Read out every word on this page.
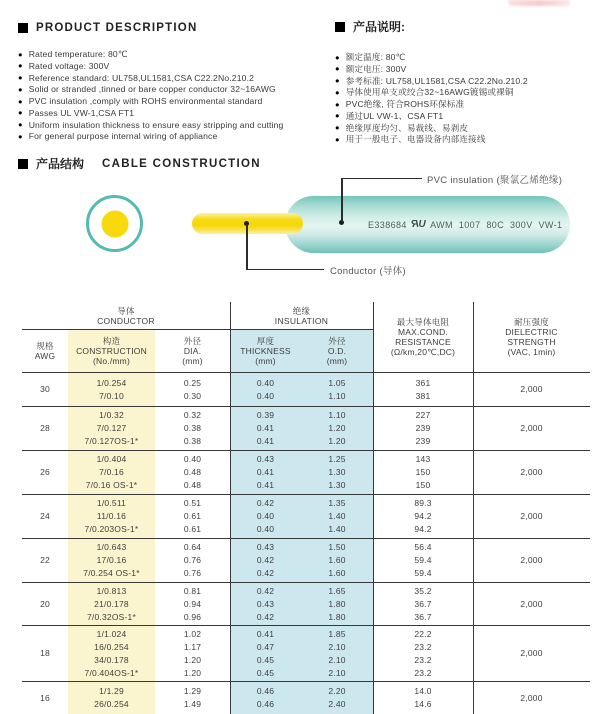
PRODUCT DESCRIPTION
● Rated temperature: 80℃
● Rated voltage: 300V
● Reference standard: UL758,UL1581,CSA C22.2No.210.2
● Solid or stranded ,tinned or bare copper conductor 32~16AWG
● PVC insulation ,comply with ROHS environmental standard
● Passes UL VW-1,CSA FT1
● Uniform insulation thickness to ensure easy stripping and cutting
● For general purpose internal wiring of appliance
产品说明:
● 额定温度: 80℃
● 额定电压: 300V
● 参考标准: UL758,UL1581,CSA C22.2No.210.2
● 导体使用单支或绞合32~16AWG镀锡或裸铜
● PVC绝缘, 符合ROHS环保标准
● 通过UL VW-1、CSA FT1
● 绝缘厚度均匀、易裁线、易剥皮
● 用于一般电子、电器设备内部连接线
产品结构 CABLE CONSTRUCTION
E338684 R U AWM 1007 80C 300V VW-1
PVC insulation (聚氯乙烯绝缘)
Conductor (导体)
导体
CONDUCTOR
规格
AWG
构造
CONSTRUCTION
(No./mm)
外径
DIA.
(mm)
绝缘
INSULATION
厚度
THICKNESS
(mm)
外径
O.D.
(mm)
最大导体电阻
MAX.COND.
RESISTANCE
(Ω/km,20℃,DC)
耐压强度
DIELECTRIC
STRENGTH
(VAC, 1min)
30
1/0.254
7/0.10
0.25
0.30
0.40
0.40
1.05
1.10
361
381
2,000
28
1/0.32
7/0.127
7/0.127OS-1*
0.32
0.38
0.38
0.39
0.41
0.41
1.10
1.20
1.20
227
239
239
2,000
26
1/0.404
7/0.16
7/0.16 OS-1*
0.40
0.48
0.48
0.43
0.41
0.41
1.25
1.30
1.30
143
150
150
2,000
24
1/0.511
11/0.16
7/0.203OS-1*
0.51
0.61
0.61
0.42
0.40
0.40
1.35
1.40
1.40
89.3
94.2
94.2
2,000
22
1/0.643
17/0.16
7/0.254 OS-1*
0.64
0.76
0.76
0.43
0.42
0.42
1.50
1.60
1.60
56.4
59.4
59.4
2,000
20
1/0.813
21/0.178
7/0.32OS-1*
0.81
0.94
0.96
0.42
0.43
0.42
1.65
1.80
1.80
35.2
36.7
36.7
2,000
18
1/1.024
16/0.254
34/0.178
7/0.404OS-1*
1.02
1.17
1.20
1.20
0.41
0.47
0.45
0.45
1.85
2.10
2.10
2.10
22.2
23.2
23.2
23.2
2,000
16
1/1.29
26/0.254
1.29
1.49
0.46
0.46
2.20
2.40
14.0
14.6
2,000
